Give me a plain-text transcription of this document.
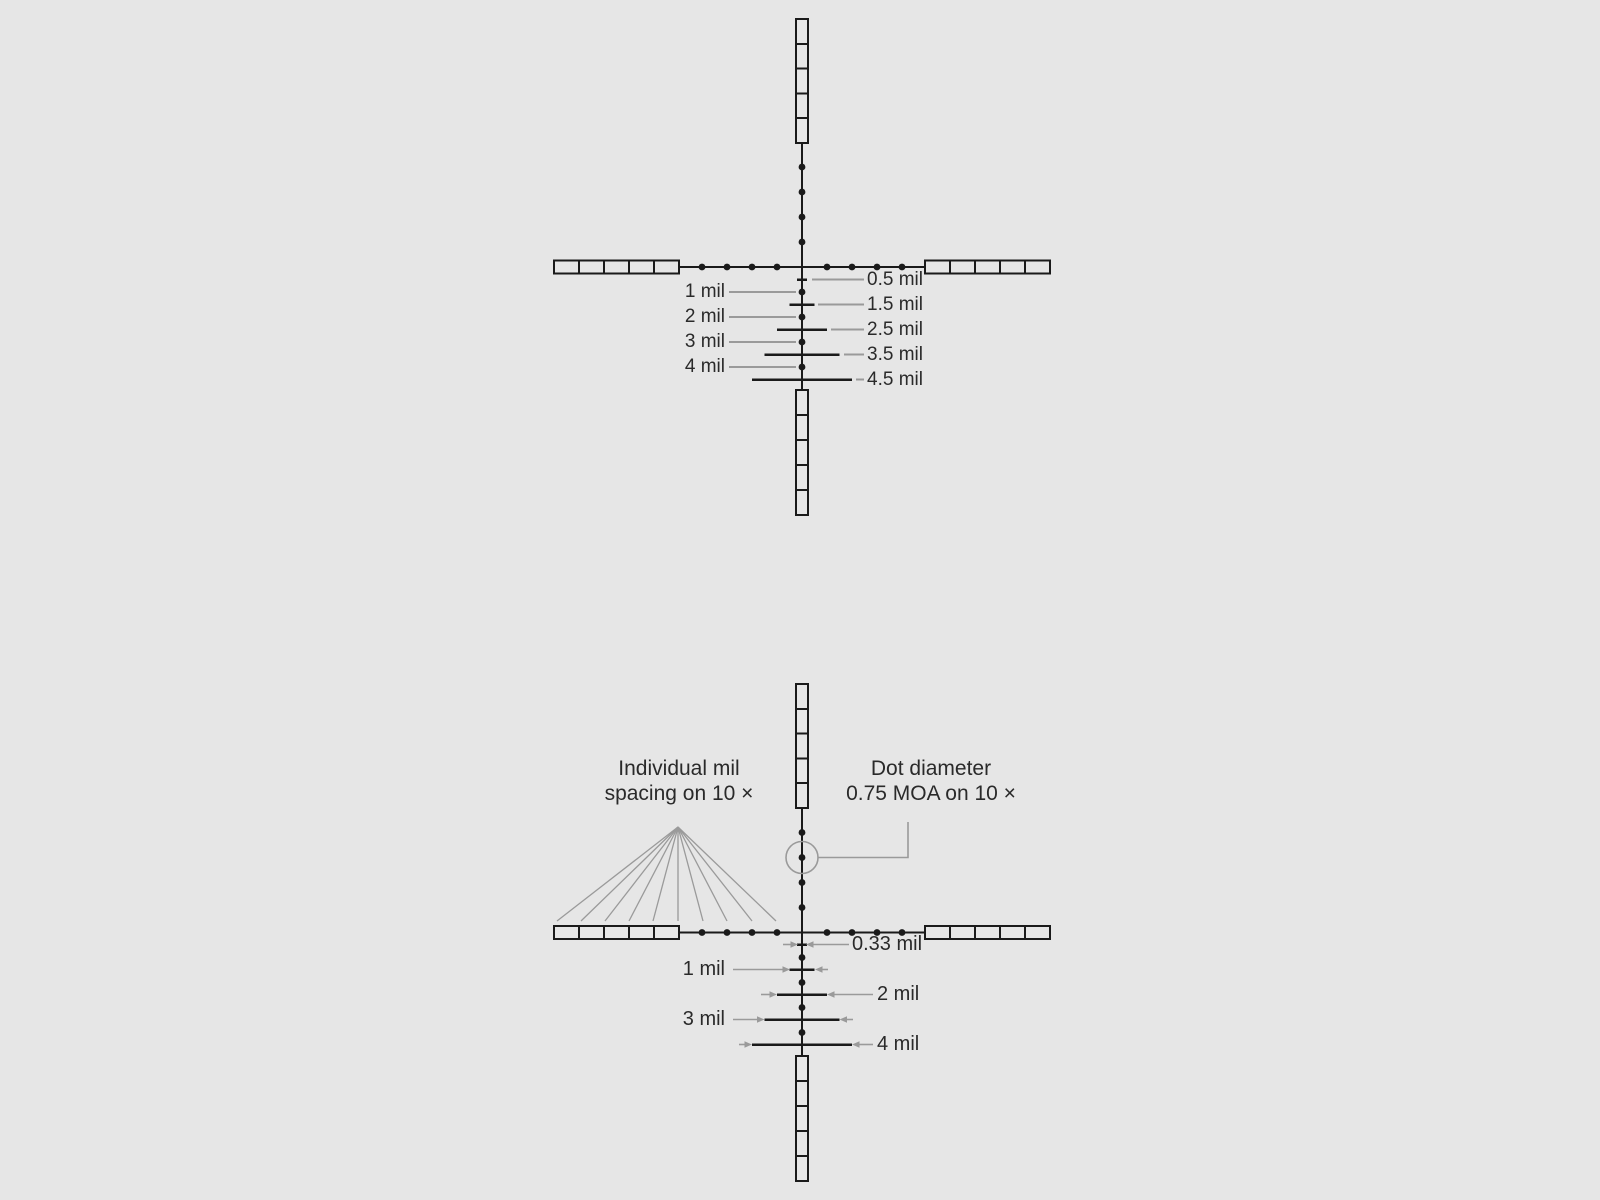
1 mil
2 mil
3 mil
4 mil
0.5 mil
1.5 mil
2.5 mil
3.5 mil
4.5 mil
Individual mil
spacing on 10 ×
Dot diameter
0.75 MOA on 10 ×
0.33 mil
1 mil
2 mil
3 mil
4 mil
